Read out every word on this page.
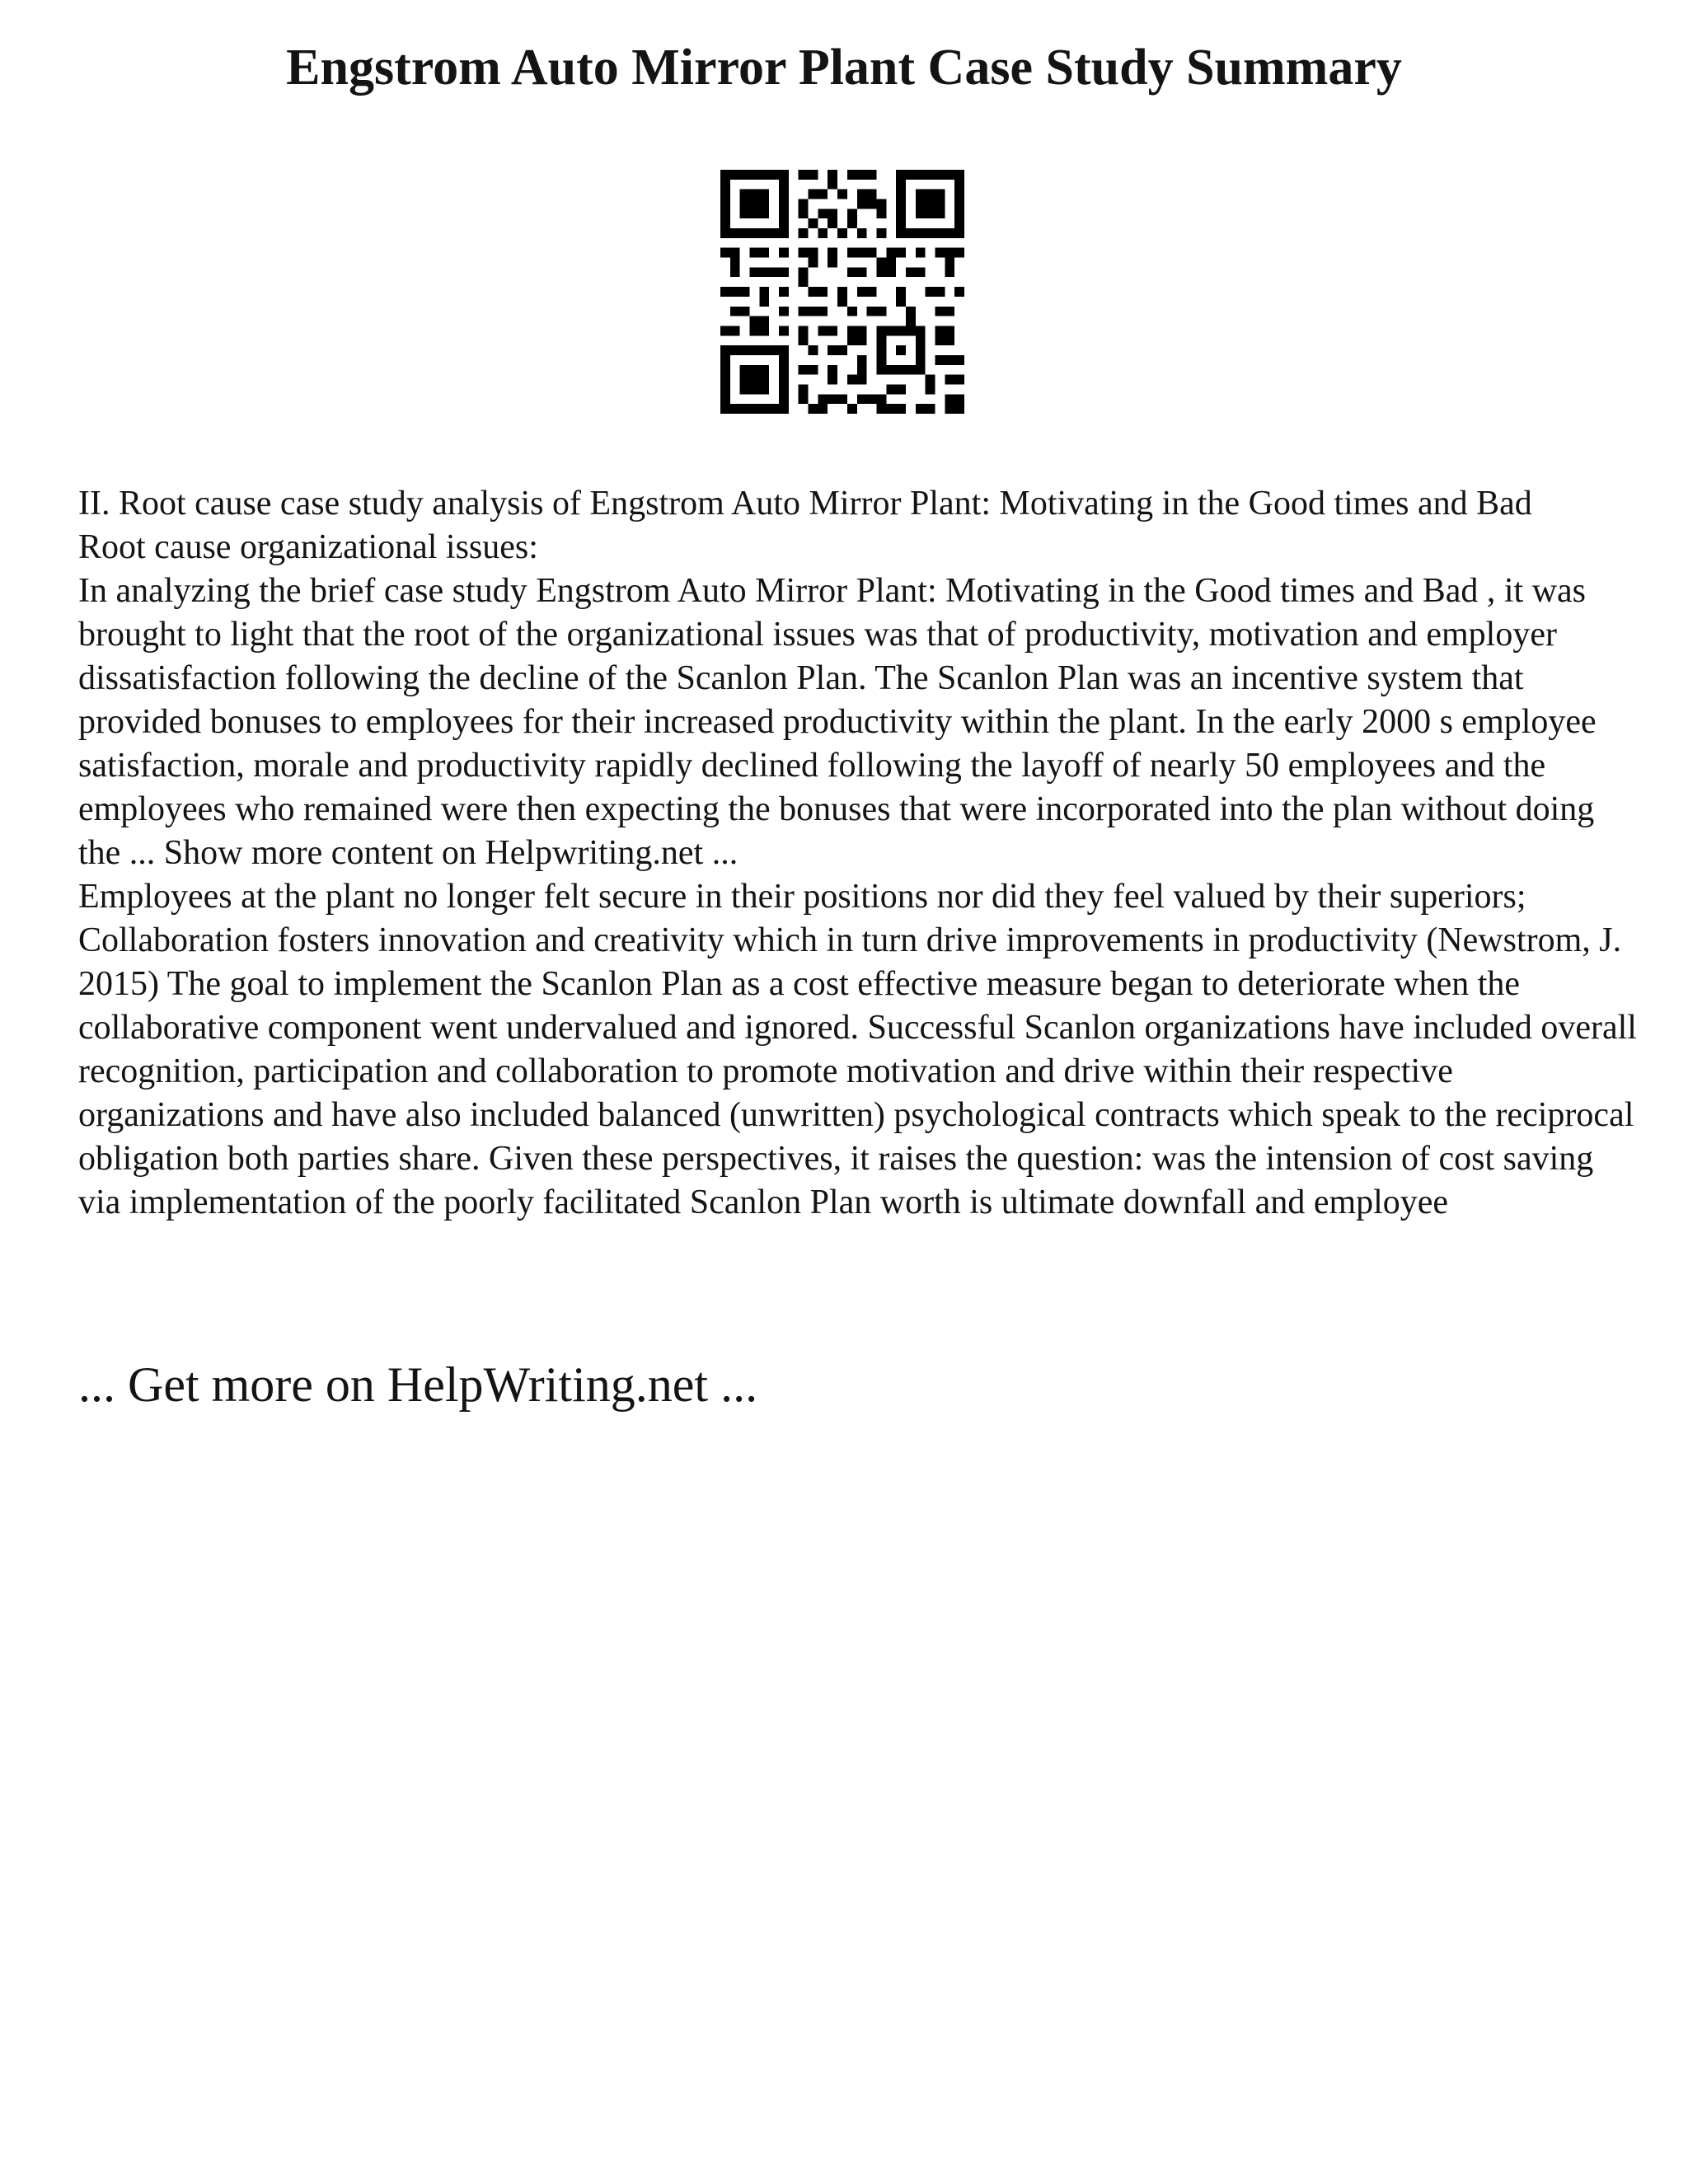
Engstrom Auto Mirror Plant Case Study Summary

II. Root cause case study analysis of Engstrom Auto Mirror Plant: Motivating in the Good times and Bad

Root cause organizational issues:

In analyzing the brief case study Engstrom Auto Mirror Plant: Motivating in the Good times and Bad , it was brought to light that the root of the organizational issues was that of productivity, motivation and employer dissatisfaction following the decline of the Scanlon Plan. The Scanlon Plan was an incentive system that provided bonuses to employees for their increased productivity within the plant. In the early 2000 s employee satisfaction, morale and productivity rapidly declined following the layoff of nearly 50 employees and the employees who remained were then expecting the bonuses that were incorporated into the plan without doing the ... Show more content on Helpwriting.net ...

Employees at the plant no longer felt secure in their positions nor did they feel valued by their superiors; Collaboration fosters innovation and creativity which in turn drive improvements in productivity (Newstrom, J. 2015) The goal to implement the Scanlon Plan as a cost effective measure began to deteriorate when the collaborative component went undervalued and ignored. Successful Scanlon organizations have included overall recognition, participation and collaboration to promote motivation and drive within their respective organizations and have also included balanced (unwritten) psychological contracts which speak to the reciprocal obligation both parties share. Given these perspectives, it raises the question: was the intension of cost saving via implementation of the poorly facilitated Scanlon Plan worth is ultimate downfall and employee

... Get more on HelpWriting.net ...
